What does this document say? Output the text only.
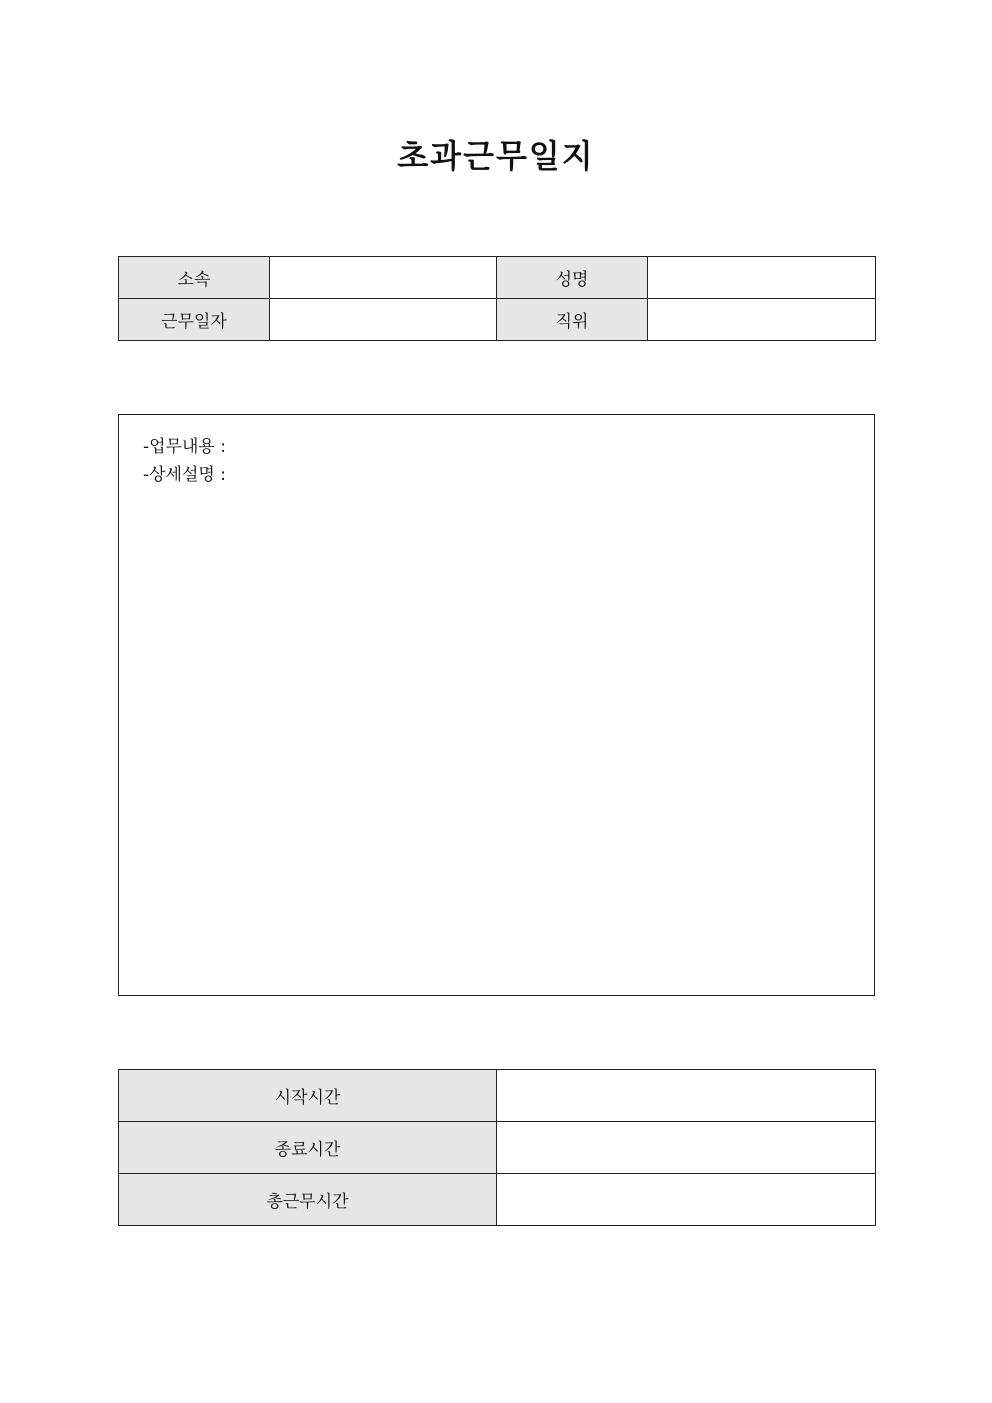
초과근무일지
소속		성명	
근무일자		직위	
-업무내용 :
-상세설명 :
시작시간	
종료시간	
총근무시간	
